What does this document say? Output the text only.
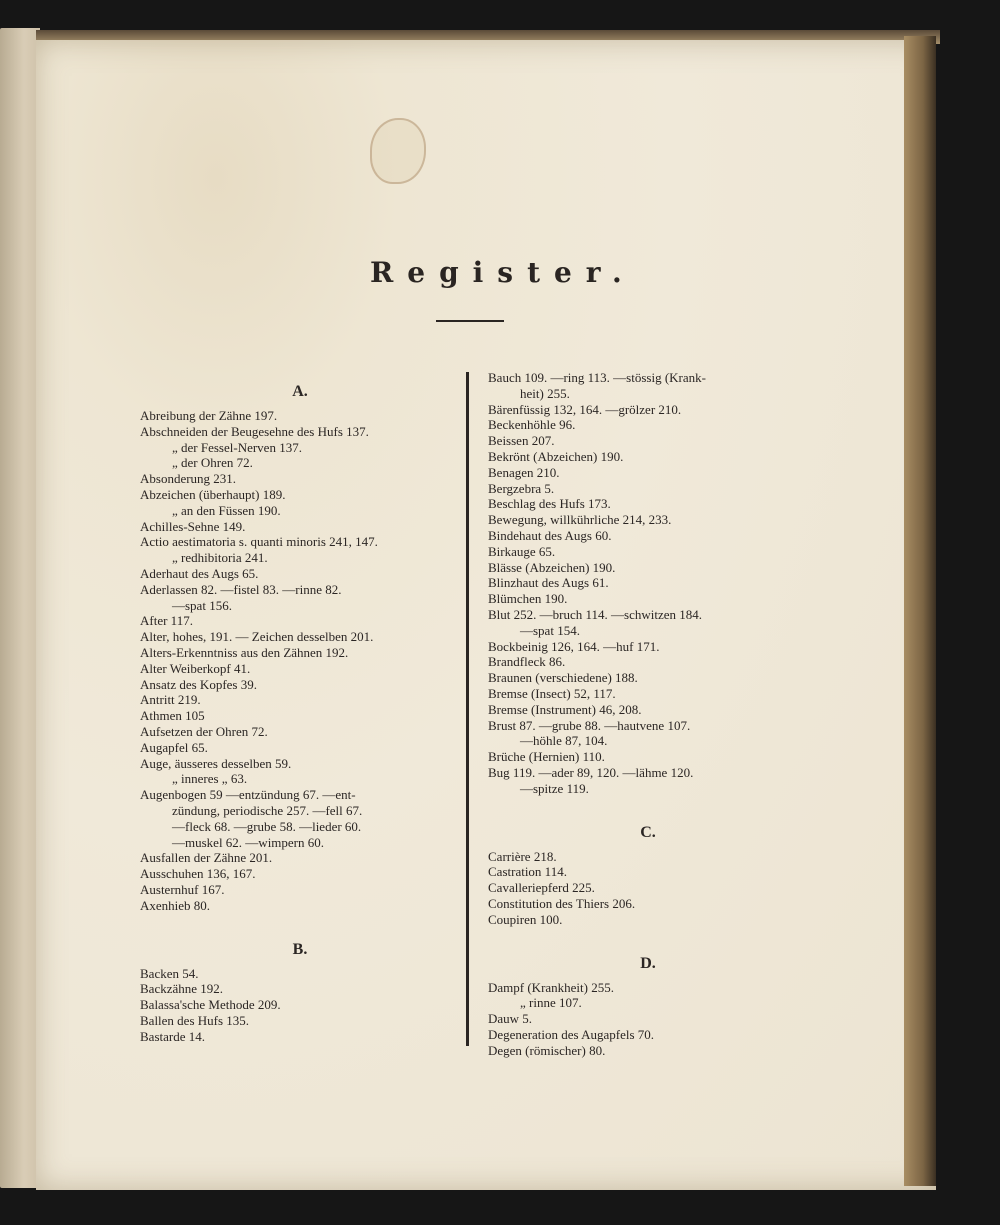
Register.
A.
Abreibung der Zähne 197.
Abschneiden der Beugesehne des Hufs 137.
„ der Fessel-Nerven 137.
„ der Ohren 72.
Absonderung 231.
Abzeichen (überhaupt) 189.
„ an den Füssen 190.
Achilles-Sehne 149.
Actio aestimatoria s. quanti minoris 241, 147.
„ redhibitoria 241.
Aderhaut des Augs 65.
Aderlassen 82. —fistel 83. —rinne 82.
—spat 156.
After 117.
Alter, hohes, 191. — Zeichen desselben 201.
Alters-Erkenntniss aus den Zähnen 192.
Alter Weiberkopf 41.
Ansatz des Kopfes 39.
Antritt 219.
Athmen 105
Aufsetzen der Ohren 72.
Augapfel 65.
Auge, äusseres desselben 59.
„ inneres „ 63.
Augenbogen 59 —entzündung 67. —ent-
zündung, periodische 257. —fell 67.
—fleck 68. —grube 58. —lieder 60.
—muskel 62. —wimpern 60.
Ausfallen der Zähne 201.
Ausschuhen 136, 167.
Austernhuf 167.
Axenhieb 80.
B.
Backen 54.
Backzähne 192.
Balassa'sche Methode 209.
Ballen des Hufs 135.
Bastarde 14.
Bauch 109. —ring 113. —stössig (Krank-
heit) 255.
Bärenfüssig 132, 164. —grölzer 210.
Beckenhöhle 96.
Beissen 207.
Bekrönt (Abzeichen) 190.
Benagen 210.
Bergzebra 5.
Beschlag des Hufs 173.
Bewegung, willkührliche 214, 233.
Bindehaut des Augs 60.
Birkauge 65.
Blässe (Abzeichen) 190.
Blinzhaut des Augs 61.
Blümchen 190.
Blut 252. —bruch 114. —schwitzen 184.
—spat 154.
Bockbeinig 126, 164. —huf 171.
Brandfleck 86.
Braunen (verschiedene) 188.
Bremse (Insect) 52, 117.
Bremse (Instrument) 46, 208.
Brust 87. —grube 88. —hautvene 107.
—höhle 87, 104.
Brüche (Hernien) 110.
Bug 119. —ader 89, 120. —lähme 120.
—spitze 119.
C.
Carrière 218.
Castration 114.
Cavalleriepferd 225.
Constitution des Thiers 206.
Coupiren 100.
D.
Dampf (Krankheit) 255.
„ rinne 107.
Dauw 5.
Degeneration des Augapfels 70.
Degen (römischer) 80.
